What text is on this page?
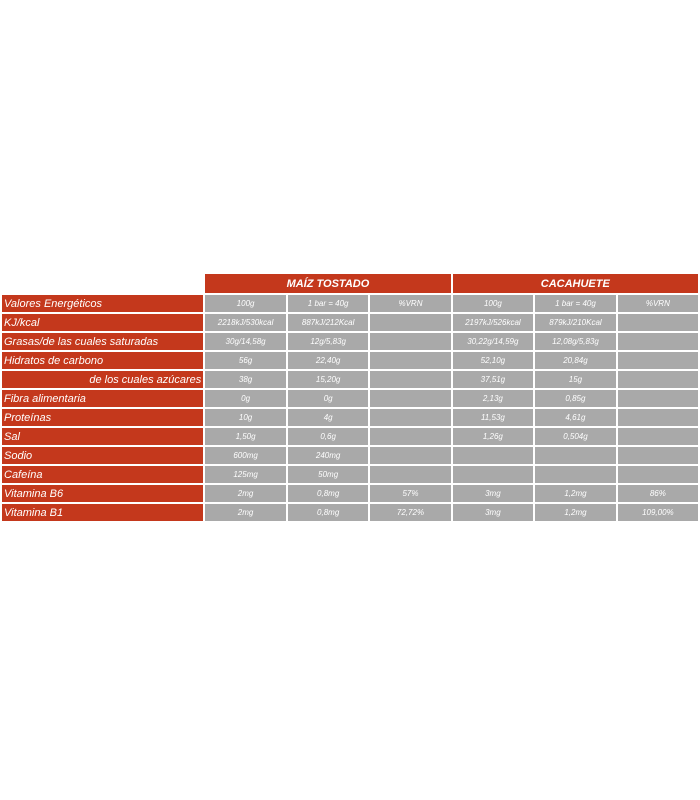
	MAÍZ TOSTADO			CACAHUETE		
Valores Energéticos	100g	1 bar = 40g	%VRN	100g	1 bar = 40g	%VRN
KJ/kcal	2218kJ/530kcal	887kJ/212Kcal		2197kJ/526kcal	879kJ/210Kcal	
Grasas/de las cuales saturadas	30g/14,58g	12g/5,83g		30,22g/14,59g	12,08g/5,83g	
Hidratos de carbono	56g	22,40g		52,10g	20,84g	
de los cuales azúcares	38g	15,20g		37,51g	15g	
Fibra alimentaria	0g	0g		2,13g	0,85g	
Proteínas	10g	4g		11,53g	4,61g	
Sal	1,50g	0,6g		1,26g	0,504g	
Sodio	600mg	240mg				
Cafeína	125mg	50mg				
Vitamina B6	2mg	0,8mg	57%	3mg	1,2mg	86%
Vitamina B1	2mg	0,8mg	72,72%	3mg	1,2mg	109,00%
